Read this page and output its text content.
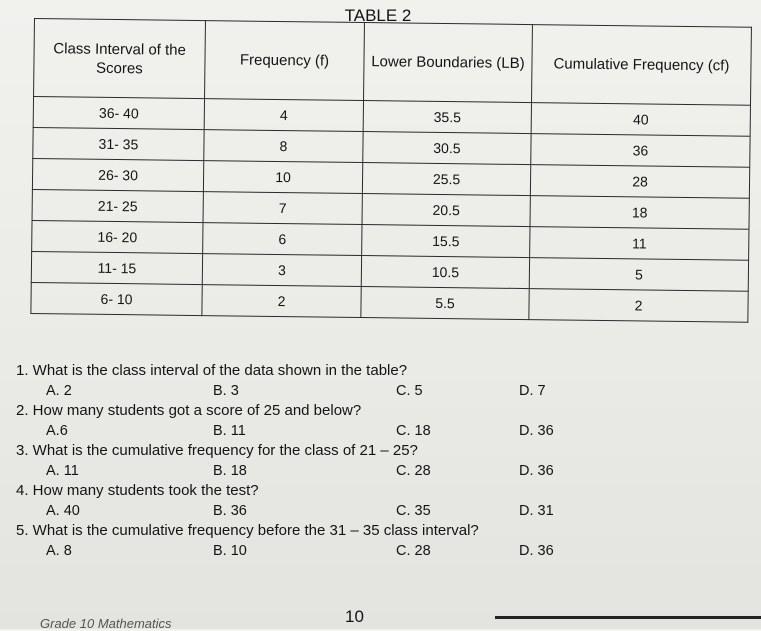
TABLE 2
Class Interval of the Scores	Frequency (f)	Lower Boundaries (LB)	Cumulative Frequency (cf)
36- 40	4	35.5	40
31- 35	8	30.5	36
26- 30	10	25.5	28
21- 25	7	20.5	18
16- 20	6	15.5	11
11- 15	3	10.5	5
6- 10	2	5.5	2
1. What is the class interval of the data shown in the table?
A. 2	B. 3	C. 5	D. 7
2. How many students got a score of 25 and below?
A.6	B. 11	C. 18	D. 36
3. What is the cumulative frequency for the class of 21 – 25?
A. 11	B. 18	C. 28	D. 36
4. How many students took the test?
A. 40	B. 36	C. 35	D. 31
5. What is the cumulative frequency before the 31 – 35 class interval?
A. 8	B. 10	C. 28	D. 36
Grade 10 Mathematics	10
